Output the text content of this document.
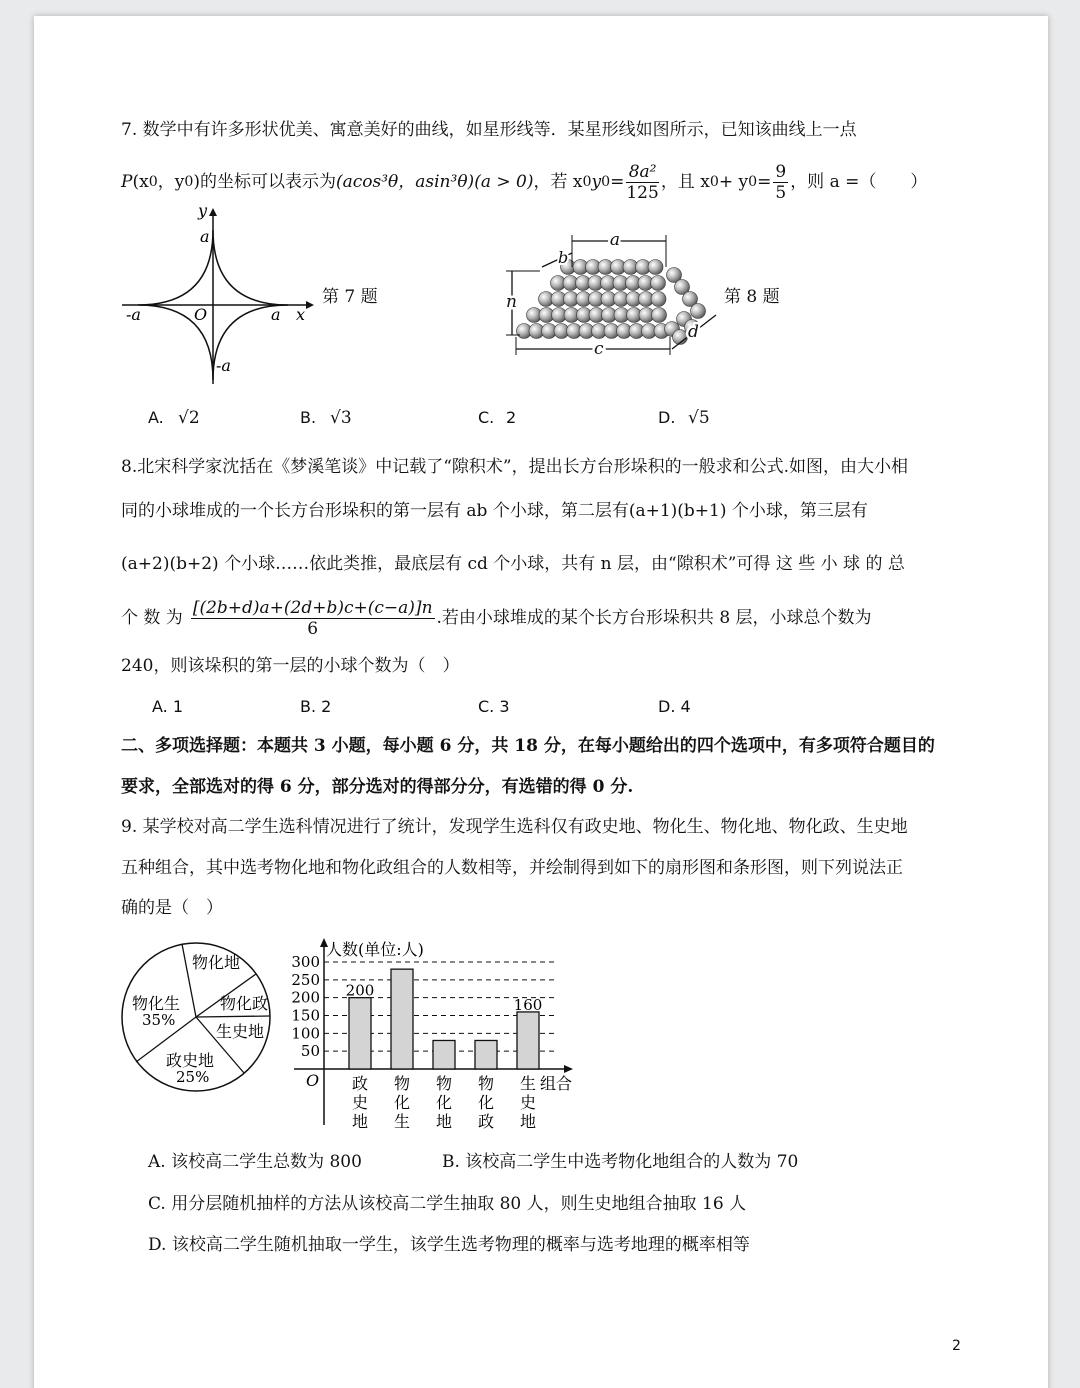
7. 数学中有许多形状优美、寓意美好的曲线，如星形线等．某星形线如图所示，已知该曲线上一点
P (x 0 ，y 0 ) 的坐标可以表示为 (acos³θ，asin³θ)(a > 0) ，若 x 0 y $0 = \frac{\text{8a²}}{125}$ ，且 x 0 + y $0 = \frac{9}{5}$ ，则 a =（　　）
y
a
-a	O	a x
-a
第 7 题
a
b
n
c
d
第 8 题
A. √2	B. √3	C. 2	D. √5
8.北宋科学家沈括在《梦溪笔谈》中记载了“隙积术”，提出长方台形垛积的一般求和公式.如图，由大小相
同的小球堆成的一个长方台形垛积的第一层有 ab 个小球，第二层有(a+1)(b+1) 个小球，第三层有
(a+2)(b+2) 个小球……依此类推，最底层有 cd 个小球，共有 n 层，由“隙积术”可得 这 些 小 球 的 总
个 数 为 $\frac{[(2b+d)a+(2d+b)c+(c-a)]n}{6}$ .若由小球堆成的某个长方台形垛积共 8 层，小球总个数为
240，则该垛积的第一层的小球个数为（　）
A. 1	B. 2	C. 3	D. 4
二、多项选择题：本题共 3 小题，每小题 6 分，共 18 分，在每小题给出的四个选项中，有多项符合题目的
要求，全部选对的得 6 分，部分选对的得部分分，有选错的得 0 分.
9. 某学校对高二学生选科情况进行了统计，发现学生选科仅有政史地、物化生、物化地、物化政、生史地
五种组合，其中选考物化地和物化政组合的人数相等，并绘制得到如下的扇形图和条形图，则下列说法正
确的是（　）
物化地
物化生
35%
物化政
生史地
政史地
25%
人数(单位:人)
组合
O
50
100
150
200
250
300
200
160
政
史
地
物
化
生
物
化
地
物
化
政
生
史
地
A. 该校高二学生总数为 800	B. 该校高二学生中选考物化地组合的人数为 70
C. 用分层随机抽样的方法从该校高二学生抽取 80 人，则生史地组合抽取 16 人
D. 该校高二学生随机抽取一学生，该学生选考物理的概率与选考地理的概率相等
2
